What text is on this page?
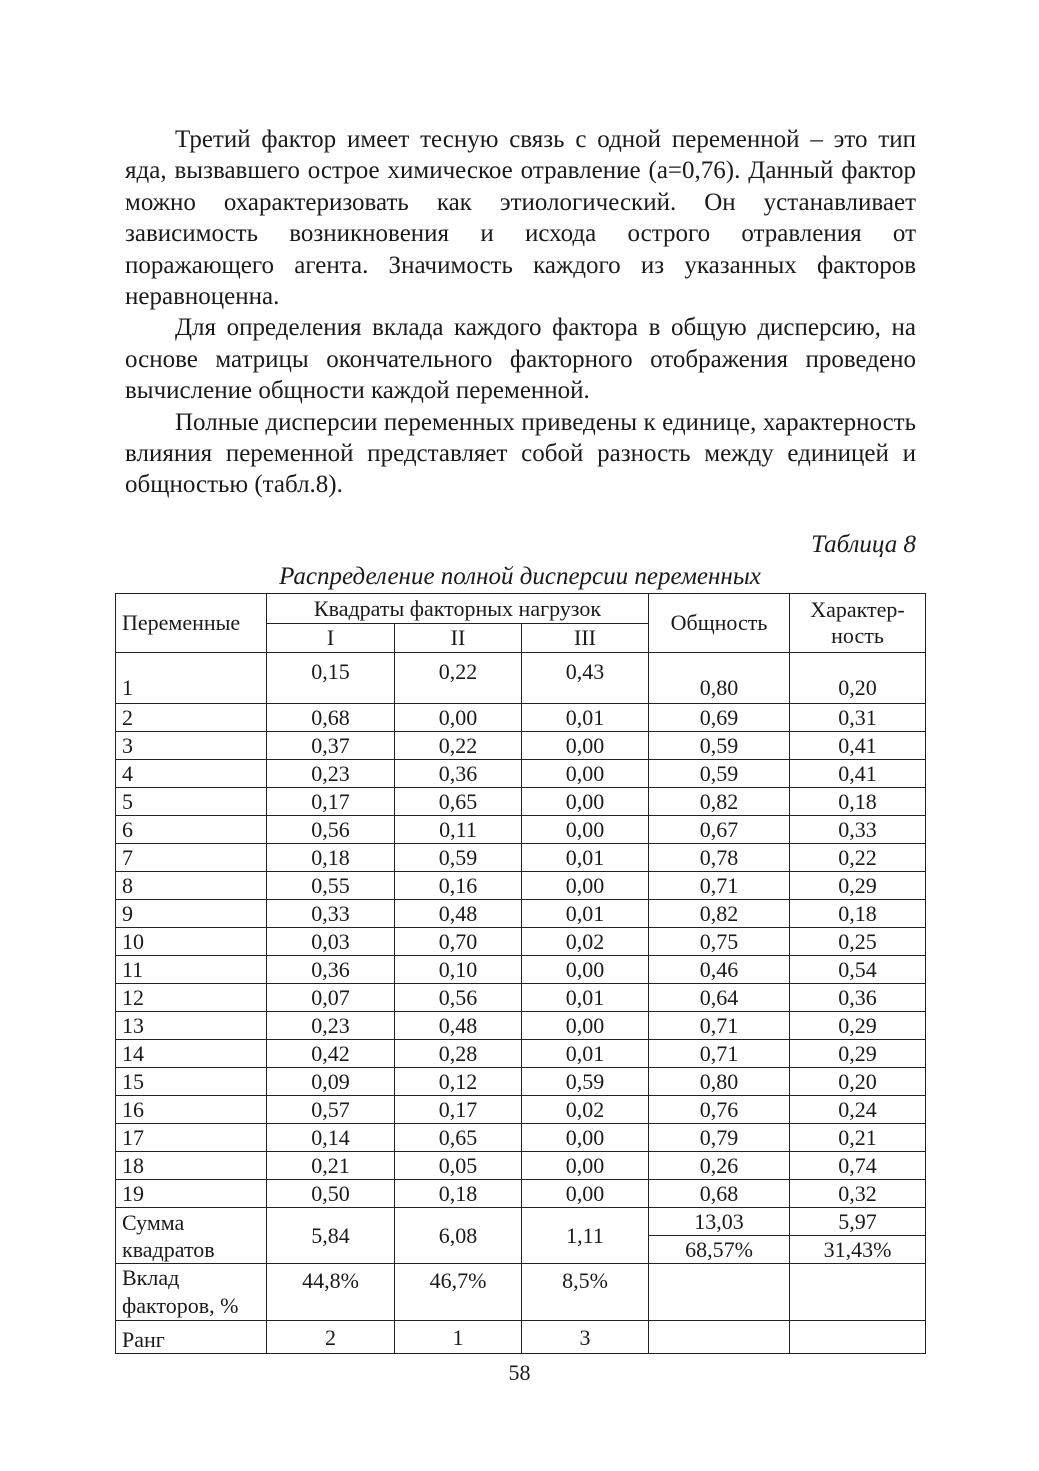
Третий фактор имеет тесную связь с одной переменной – это тип яда, вызвавшего острое химическое отравление (а=0,76). Данный фактор можно охарактеризовать как этиологический. Он устанавливает зависимость возникновения и исхода острого отравления от поражающего агента. Значимость каждого из указанных факторов неравноценна.

Для определения вклада каждого фактора в общую дисперсию, на основе матрицы окончательного факторного отображения проведено вычисление общности каждой переменной.

Полные дисперсии переменных приведены к единице, характерность влияния переменной представляет собой разность между единицей и общностью (табл.8).

Таблица 8
Распределение полной дисперсии переменных
Переменные	Квадраты факторных нагрузок			Общность	Характер-
ность

	I	II	III		
1	0,15	0,22	0,43	0,80	0,20
2	0,68	0,00	0,01	0,69	0,31
3	0,37	0,22	0,00	0,59	0,41
4	0,23	0,36	0,00	0,59	0,41
5	0,17	0,65	0,00	0,82	0,18
6	0,56	0,11	0,00	0,67	0,33
7	0,18	0,59	0,01	0,78	0,22
8	0,55	0,16	0,00	0,71	0,29
9	0,33	0,48	0,01	0,82	0,18
10	0,03	0,70	0,02	0,75	0,25
11	0,36	0,10	0,00	0,46	0,54
12	0,07	0,56	0,01	0,64	0,36
13	0,23	0,48	0,00	0,71	0,29
14	0,42	0,28	0,01	0,71	0,29
15	0,09	0,12	0,59	0,80	0,20
16	0,57	0,17	0,02	0,76	0,24
17	0,14	0,65	0,00	0,79	0,21
18	0,21	0,05	0,00	0,26	0,74
19	0,50	0,18	0,00	0,68	0,32

Сумма
квадратов	5,84	6,08	1,11	13,03	5,97
				68,57%	31,43%

Вклад
факторов, %	44,8%	46,7%	8,5%		
Ранг	2	1	3		
58
